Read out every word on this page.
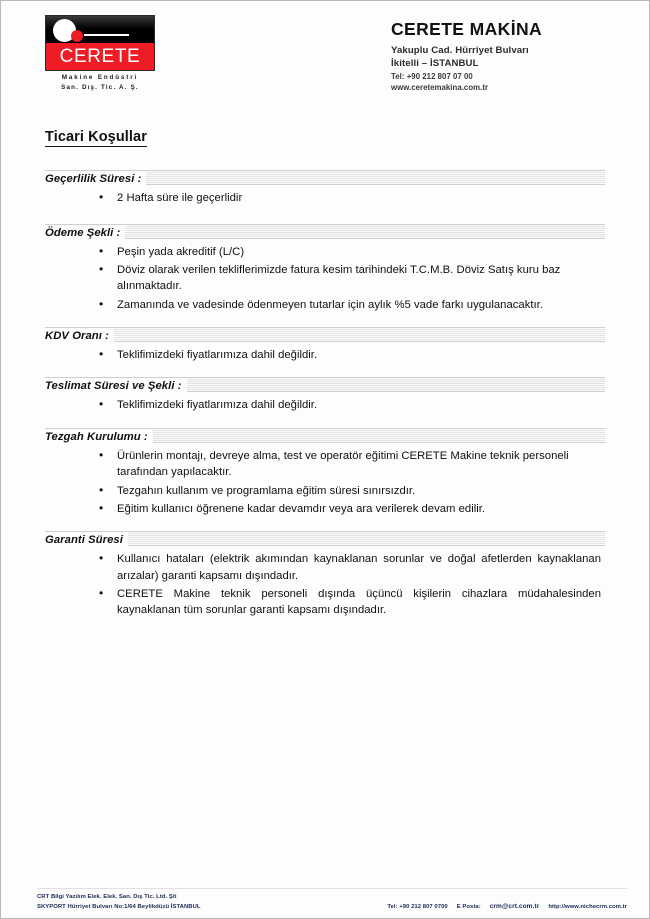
CERETE
Makine Endüstri
San. Dış. Tic. A. Ş.
CERETE MAKİNA
Yakuplu Cad. Hürriyet Bulvarı
İkitelli – İSTANBUL
Tel: +90 212 807 07 00
www.ceretemakina.com.tr
Ticari Koşullar
Geçerlilik Süresi :
• 2 Hafta süre ile geçerlidir
Ödeme Şekli :
• Peşin yada akreditif (L/C)
• Döviz olarak verilen tekliflerimizde fatura kesim tarihindeki T.C.M.B. Döviz Satış kuru baz alınmaktadır.
• Zamanında ve vadesinde ödenmeyen tutarlar için aylık %5 vade farkı uygulanacaktır.
KDV Oranı :
• Teklifimizdeki fiyatlarımıza dahil değildir.
Teslimat Süresi ve Şekli :
• Teklifimizdeki fiyatlarımıza dahil değildir.
Tezgah Kurulumu :
• Ürünlerin montajı, devreye alma, test ve operatör eğitimi CERETE Makine teknik personeli tarafından yapılacaktır.
• Tezgahın kullanım ve programlama eğitim süresi sınırsızdır.
• Eğitim kullanıcı öğrenene kadar devamdır veya ara verilerek devam edilir.
Garanti Süresi
• Kullanıcı hataları (elektrik akımından kaynaklanan sorunlar ve doğal afetlerden kaynaklanan arızalar) garanti kapsamı dışındadır.
• CERETE Makine teknik personeli dışında üçüncü kişilerin cihazlara müdahalesinden kaynaklanan tüm sorunlar garanti kapsamı dışındadır.
CRT Bilgi Yazılım Elek. Elek. San. Dış Tic. Ltd. Şti
SKYPORT Hürriyet Bulvarı No:1/64 Beylikdüzü İSTANBUL	Tel: +90 212 807 0700 E Posta: crm@crt.com.tr http://www.nichecrm.com.tr
